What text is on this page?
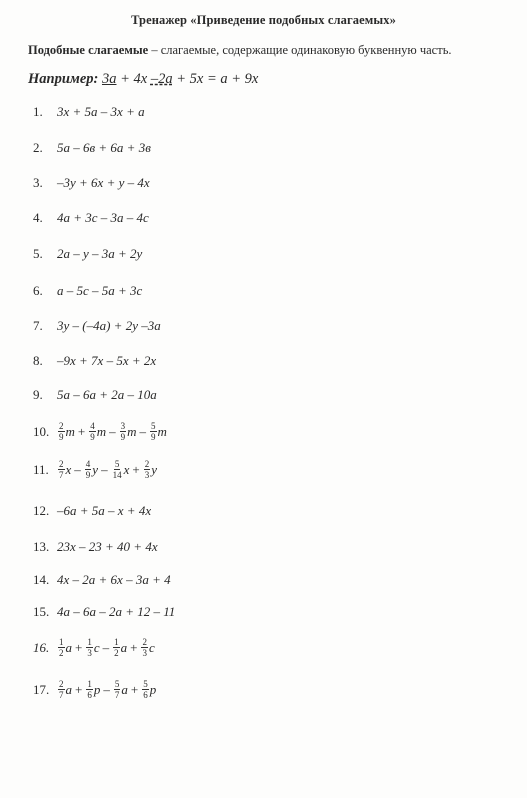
Тренажер «Приведение подобных слагаемых»
Подобные слагаемые – слагаемые, содержащие одинаковую буквенную часть.
Например: 3a + 4x –2a + 5x = a + 9x
1.	3x + 5a – 3x + a
2.	5a – 6в + 6a + 3в
3.	–3y + 6x + y – 4x
4.	4a + 3c – 3a – 4c
5.	2a – y – 3a + 2y
6.	a – 5c – 5a + 3c
7.	3y – (–4a) + 2y –3a
8.	–9x + 7x – 5x + 2x
9.	5a – 6a + 2a – 10a
10. $\frac{2}{9}$ $m + \frac{4}{9}$ m – $\frac{3}{9}$ m – $\frac{5}{9}$ m
11.	$\frac{2}{7}$ x – $\frac{4}{9}$ y – $\frac{5}{14}$ $x + \frac{2}{3}$ y
12. –6a + 5a – x + 4x
13. 23x – 23 + 40 + 4x
14. 4x – 2a + 6x – 3a + 4
15. 4a – 6a – 2a + 12 – 11
16. $\frac{1}{2}$ $a + \frac{1}{3}$ c – $\frac{1}{2}$ $a + \frac{2}{3}$ c
17. $\frac{2}{7}$ $a + \frac{1}{6}$ p – $\frac{5}{7}$ $a + \frac{5}{6}$ p
